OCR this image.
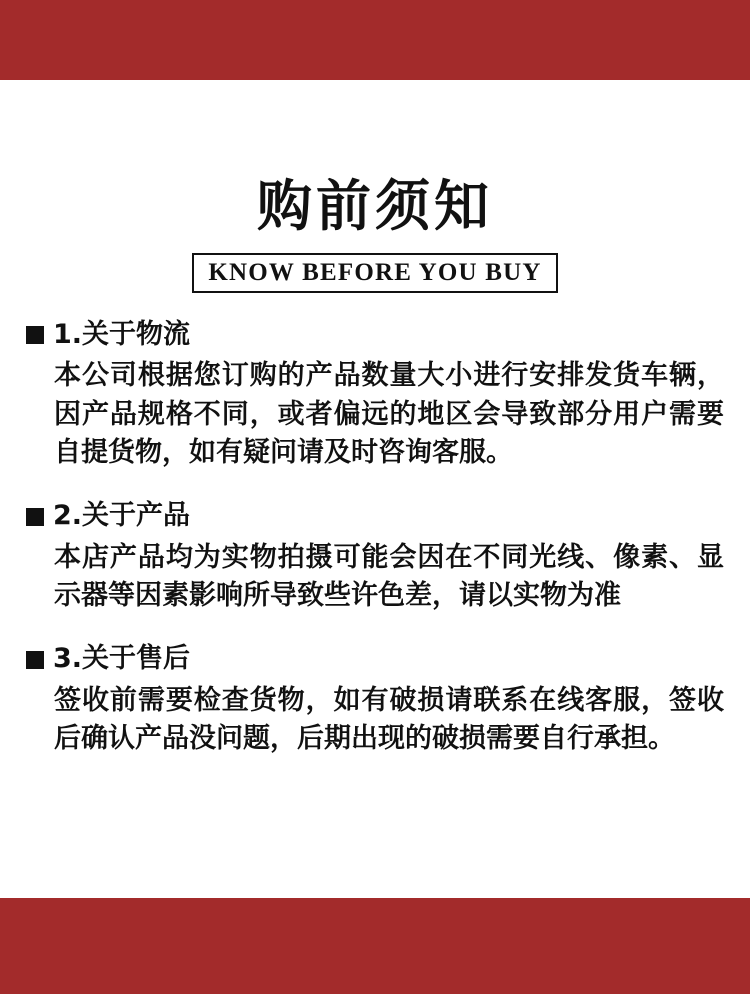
购前须知
KNOW BEFORE YOU BUY
1.关于物流
本公司根据您订购的产品数量大小进行安排发货车辆，因产品规格不同，或者偏远的地区会导致部分用户需要自提货物，如有疑问请及时咨询客服。
2.关于产品
本店产品均为实物拍摄可能会因在不同光线、像素、显示器等因素影响所导致些许色差，请以实物为准
3.关于售后
签收前需要检查货物，如有破损请联系在线客服，签收后确认产品没问题，后期出现的破损需要自行承担。
